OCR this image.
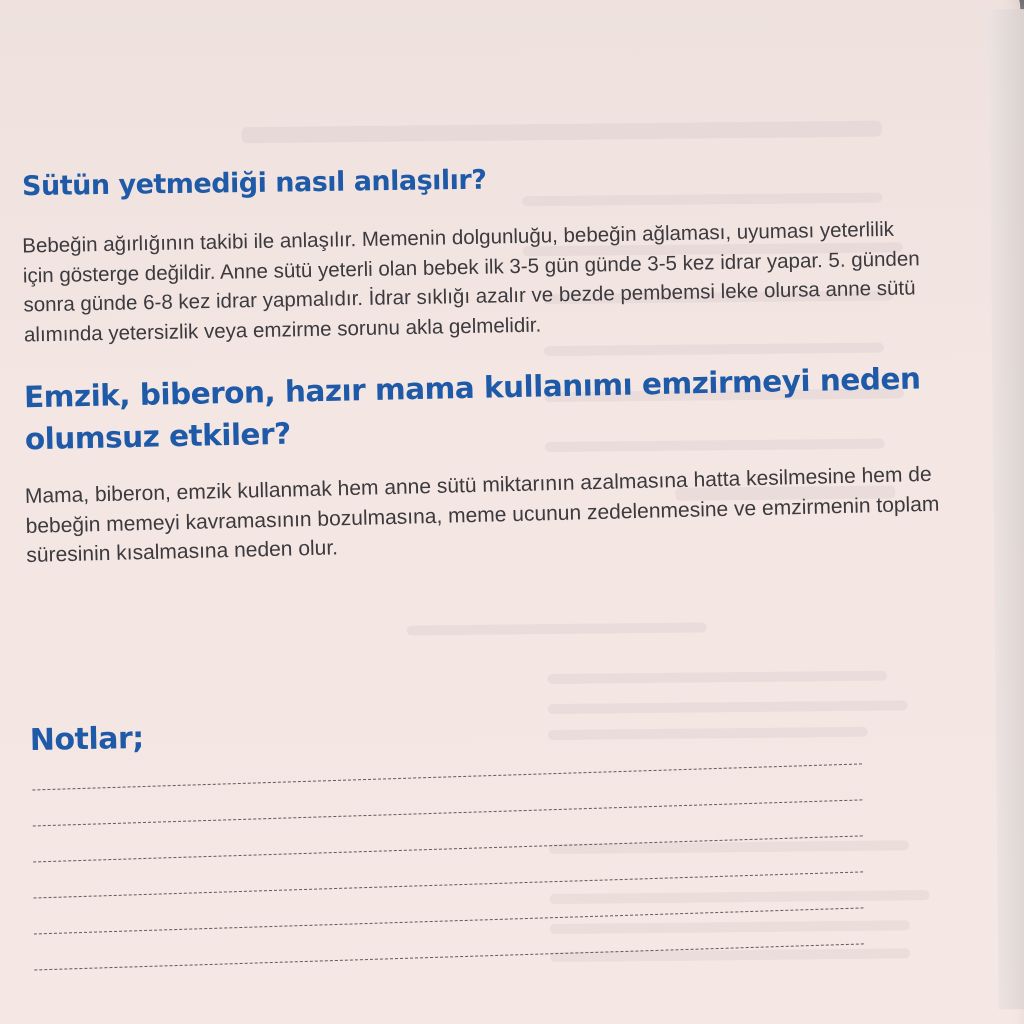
Sütün yetmediği nasıl anlaşılır?

Bebeğin ağırlığının takibi ile anlaşılır. Memenin dolgunluğu, bebeğin ağlaması, uyuması yeterlilik için gösterge değildir. Anne sütü yeterli olan bebek ilk 3-5 gün günde 3-5 kez idrar yapar. 5. günden sonra günde 6-8 kez idrar yapmalıdır. İdrar sıklığı azalır ve bezde pembemsi leke olursa anne sütü alımında yetersizlik veya emzirme sorunu akla gelmelidir.

Emzik, biberon, hazır mama kullanımı emzirmeyi neden olumsuz etkiler?

Mama, biberon, emzik kullanmak hem anne sütü miktarının azalmasına hatta kesilmesine hem de bebeğin memeyi kavramasının bozulmasına, meme ucunun zedelenmesine ve emzirmenin toplam süresinin kısalmasına neden olur.

Notlar;
